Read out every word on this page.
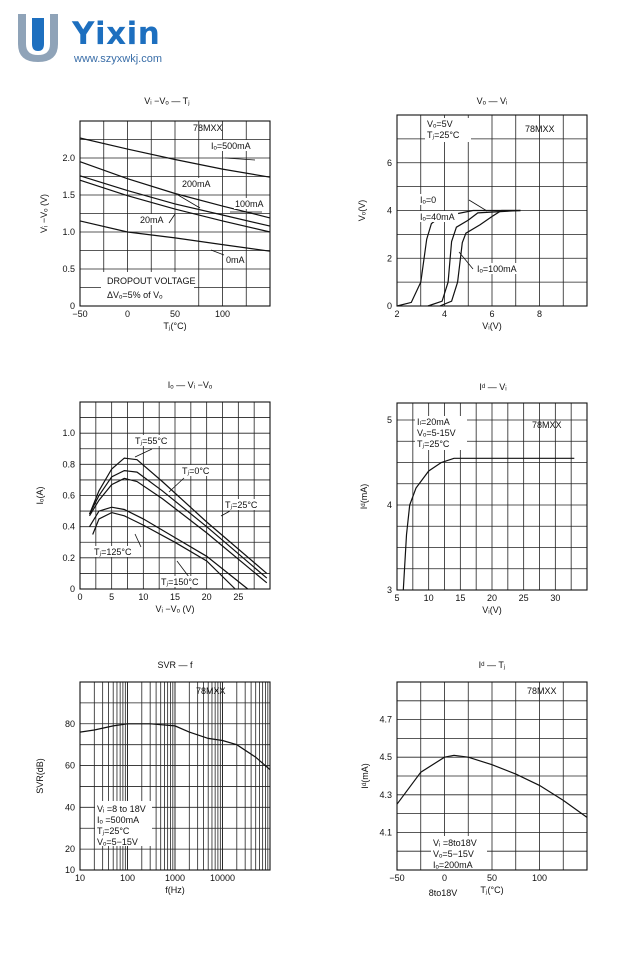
Yixin
www.szyxwkj.com
−50	0	50	100
0
0.5
1.0
1.5
2.0
Vᵢ −Vₒ — Tⱼ
Tⱼ(°C)
Vᵢ −Vₒ (V)
78MXX
DROPOUT VOLTAGE
ΔVₒ=5% of Vₒ
Iₒ=500mA
200mA
100mA
20mA
0mA
2	4	6	8
0
2
4
6
Vₒ — Vᵢ
Vᵢ(V)
Vₒ(V)
78MXX
Vₒ=5V
Tⱼ=25°C
Iₒ=0
Iₒ=40mA
Iₒ=100mA
0	5	10 15 20 25
0
0.2
0.4
0.6
0.8
1.0
Iₒ — Vᵢ −Vₒ
Vᵢ −Vₒ (V)
Iₒ(A)
Tⱼ=55°C
Tⱼ=0°C
Tⱼ=25°C
Tⱼ=125°C
Tⱼ=150°C
5	10 15 20 25 30
3
4
5
Iᵈ — Vᵢ
Vᵢ(V)
Iᵈ(mA)
78MXX
Iₗ=20mA
Vₒ=5-15V
Tⱼ=25°C
10	100	1000	10000
10
20
40
60
80
SVR — f
f(Hz)
SVR(dB)
78MXX
Vᵢ =8 to 18V
Iₒ =500mA
Tⱼ=25°C
Vₒ=5−15V
−50	0	50	100
4.1
4.3
4.5
4.7
Iᵈ — Tⱼ
Tⱼ(°C)
Iᵈ(mA)
8to18V
78MXX
Vᵢ =8to18V
Vₒ=5−15V
Iₒ=200mA
